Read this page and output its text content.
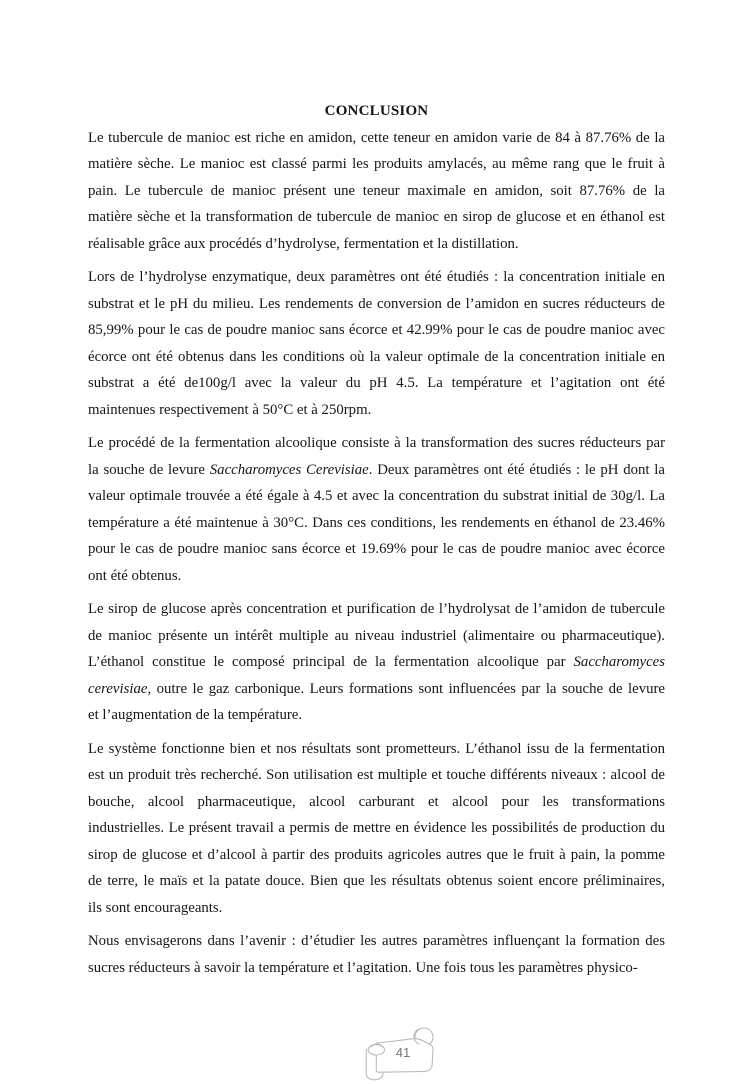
CONCLUSION
Le tubercule de manioc est riche en amidon, cette teneur en amidon varie de 84 à 87.76% de la
matière sèche. Le manioc est classé parmi les produits amylacés, au même rang que le fruit à
pain. Le tubercule de manioc présent une teneur maximale en amidon, soit 87.76% de la
matière sèche et la transformation de tubercule de manioc en sirop de glucose et en éthanol est
réalisable grâce aux procédés d’hydrolyse, fermentation et la distillation.
Lors de l’hydrolyse enzymatique, deux paramètres ont été étudiés : la concentration initiale en
substrat et le pH du milieu. Les rendements de conversion de l’amidon en sucres réducteurs de
85,99% pour le cas de poudre manioc sans écorce et 42.99% pour le cas de poudre manioc avec
écorce ont été obtenus dans les conditions où la valeur optimale de la concentration initiale en
substrat a été de100g/l avec la valeur du pH 4.5. La température et l’agitation ont été
maintenues respectivement à 50°C et à 250rpm.
Le procédé de la fermentation alcoolique consiste à la transformation des sucres réducteurs par
la souche de levure Saccharomyces Cerevisiae. Deux paramètres ont été étudiés : le pH dont la
valeur optimale trouvée a été égale à 4.5 et avec la concentration du substrat initial de 30g/l. La
température a été maintenue à 30°C. Dans ces conditions, les rendements en éthanol de 23.46%
pour le cas de poudre manioc sans écorce et 19.69% pour le cas de poudre manioc avec écorce
ont été obtenus.
Le sirop de glucose après concentration et purification de l’hydrolysat de l’amidon de tubercule
de manioc présente un intérêt multiple au niveau industriel (alimentaire ou pharmaceutique).
L’éthanol constitue le composé principal de la fermentation alcoolique par Saccharomyces
cerevisiae, outre le gaz carbonique. Leurs formations sont influencées par la souche de levure
et l’augmentation de la température.
Le système fonctionne bien et nos résultats sont prometteurs. L’éthanol issu de la fermentation
est un produit très recherché. Son utilisation est multiple et touche différents niveaux : alcool de
bouche, alcool pharmaceutique, alcool carburant et alcool pour les transformations
industrielles. Le présent travail a permis de mettre en évidence les possibilités de production du
sirop de glucose et d’alcool à partir des produits agricoles autres que le fruit à pain, la pomme
de terre, le maïs et la patate douce. Bien que les résultats obtenus soient encore préliminaires,
ils sont encourageants.
Nous envisagerons dans l’avenir : d’étudier les autres paramètres influençant la formation des
sucres réducteurs à savoir la température et l’agitation. Une fois tous les paramètres physico-
41
